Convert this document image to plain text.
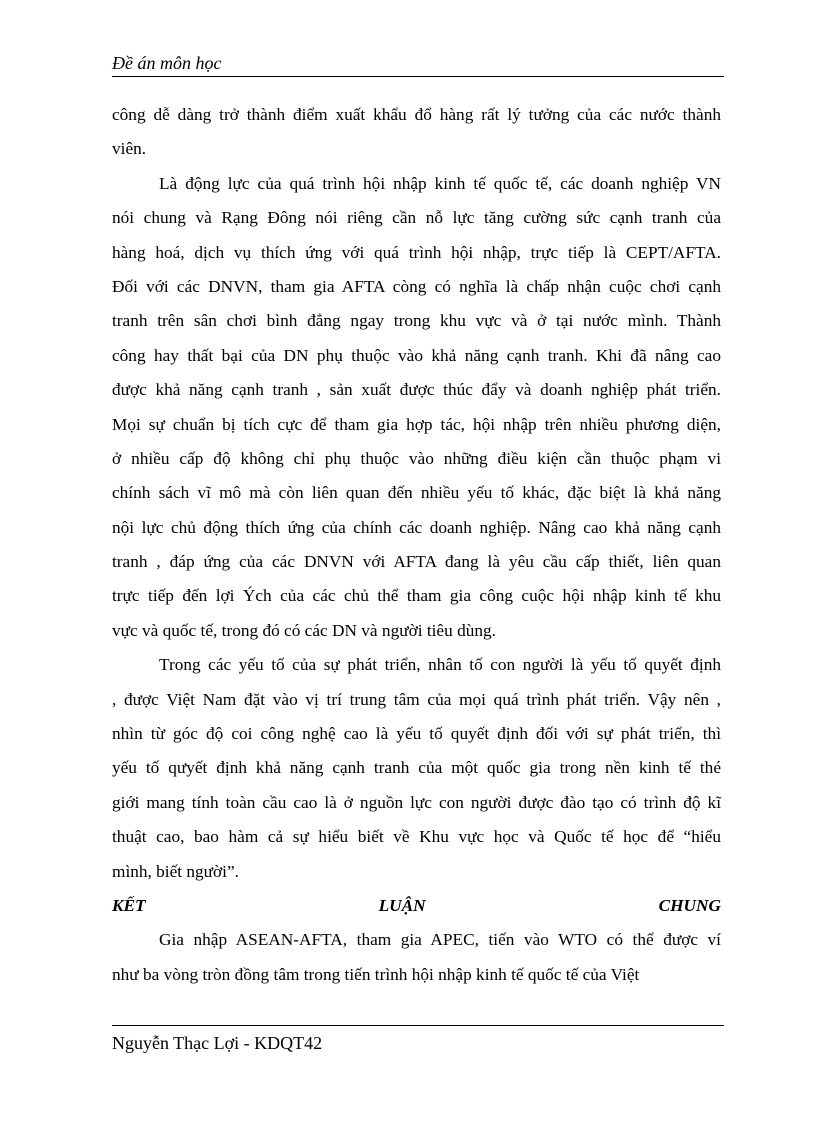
Đề án môn học
công dễ dàng trở thành điểm xuất khẩu đổ hàng rất lý tưởng của các nước thành
viên.
Là động lực của quá trình hội nhập kinh tế quốc tế, các doanh nghiệp VN
nói chung và Rạng Đông nói riêng cần nỗ lực tăng cường sức cạnh tranh của
hàng hoá, dịch vụ thích ứng với quá trình hội nhập, trực tiếp là CEPT/AFTA.
Đối với các DNVN, tham gia AFTA còng có nghĩa là chấp nhận cuộc chơi cạnh
tranh trên sân chơi bình đẳng ngay trong khu vực và ở tại nước mình. Thành
công hay thất bại của DN phụ thuộc vào khả năng cạnh tranh. Khi đã nâng cao
được khả năng cạnh tranh , sản xuất được thúc đẩy và doanh nghiệp phát triển.
Mọi sự chuẩn bị tích cực để tham gia hợp tác, hội nhập trên nhiều phương diện,
ở nhiều cấp độ không chỉ phụ thuộc vào những điều kiện cần thuộc phạm vi
chính sách vĩ mô mà còn liên quan đến nhiều yếu tố khác, đặc biệt là khả năng
nội lực chủ động thích ứng của chính các doanh nghiệp. Nâng cao khả năng cạnh
tranh , đáp ứng của các DNVN với AFTA đang là yêu cầu cấp thiết, liên quan
trực tiếp đến lợi Ých của các chủ thể tham gia công cuộc hội nhập kinh tế khu
vực và quốc tế, trong đó có các DN và người tiêu dùng.
Trong các yếu tố của sự phát triển, nhân tố con người là yếu tố quyết định
, được Việt Nam đặt vào vị trí trung tâm của mọi quá trình phát triển. Vậy nên ,
nhìn từ góc độ coi công nghệ cao là yếu tố quyết định đối với sự phát triển, thì
yếu tố qưyết định khả năng cạnh tranh của một quốc gia trong nền kinh tế thé
giới mang tính toàn cầu cao là ở nguồn lực con người được đào tạo có trình độ kĩ
thuật cao, bao hàm cả sự hiểu biết về Khu vực học và Quốc tế học để “hiểu
mình, biết người”.
KẾT LUẬN CHUNG
Gia nhập ASEAN-AFTA, tham gia APEC, tiến vào WTO có thể được ví
như ba vòng tròn đồng tâm trong tiến trình hội nhập kinh tế quốc tế của Việt
Nguyễn Thạc Lợi - KDQT42
